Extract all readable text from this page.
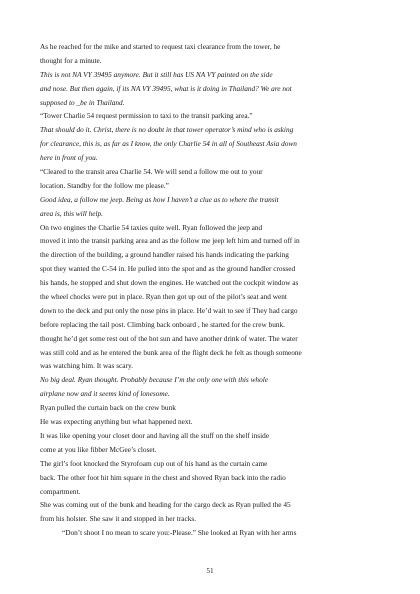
As he reached for the mike and started to request taxi clearance from the tower, he
thought for a minute.
This is not NA VY 39495 anymore. But it still has US NA VY painted on the side
and nose. But then again, if its NA VY 39495, what is it doing in Thailand? We are not
supposed to _be in Thailand.
“Tower Charlie 54 request permission to taxi to the transit parking area.”
That should do it. Christ, there is no doubt in that tower operator’s mind who is asking
for clearance, this is, as far as I know, the only Charlie 54 in all of Southeast Asia down
here in front of you.
“Cleared to the transit area Charlie 54. We will send a follow me out to your
location. Standby for the follow me please.”
Good idea, a follow me jeep. Being as how I haven’t a clue as to where the transit
area is, this will help.
On two engines the Charlie 54 taxies quite well. Ryan followed the jeep and
moved it into the transit parking area and as the follow me jeep left him and turned off in
the direction of the building, a ground handler raised his hands indicating the parking
spot they wanted the C-54 in. He pulled into the spot and as the ground handler crossed
his hands, he stopped and shut down the engines. He watched out the cockpit window as
the wheel chocks were put in place. Ryan then got up out of the pilot’s seat and went
down to the deck and put only the nose pins in place. He’d wait to see if They had cargo
before replacing the tail post. Climbing back onboard , he started for the crew bunk.
thought he’d get some rest out of the hot sun and have another drink of water. The water
was still cold and as he entered the bunk area of the flight deck he felt as though someone
was watching him. It was scary.
No big deal. Ryan thought. Probably because I’m the only one with this whole
airplane now and it seems kind of lonesome.
Ryan pulled the curtain back on the crew bunk
He was expecting anything but what happened next.
It was like opening your closet door and having all the stuff on the shelf inside
come at you like fibber McGee’s closet.
The girl’s foot knocked the Styrofoam cup out of his hand as the curtain came
back. The other foot hit him square in the chest and shoved Ryan back into the radio
compartment.
She was coming out of the bunk and heading for the cargo deck as Ryan pulled the 45
from his holster. She saw it and stopped in her tracks.
“Don’t shoot I no mean to scare you:-Please.” She looked at Ryan with her arms
51
